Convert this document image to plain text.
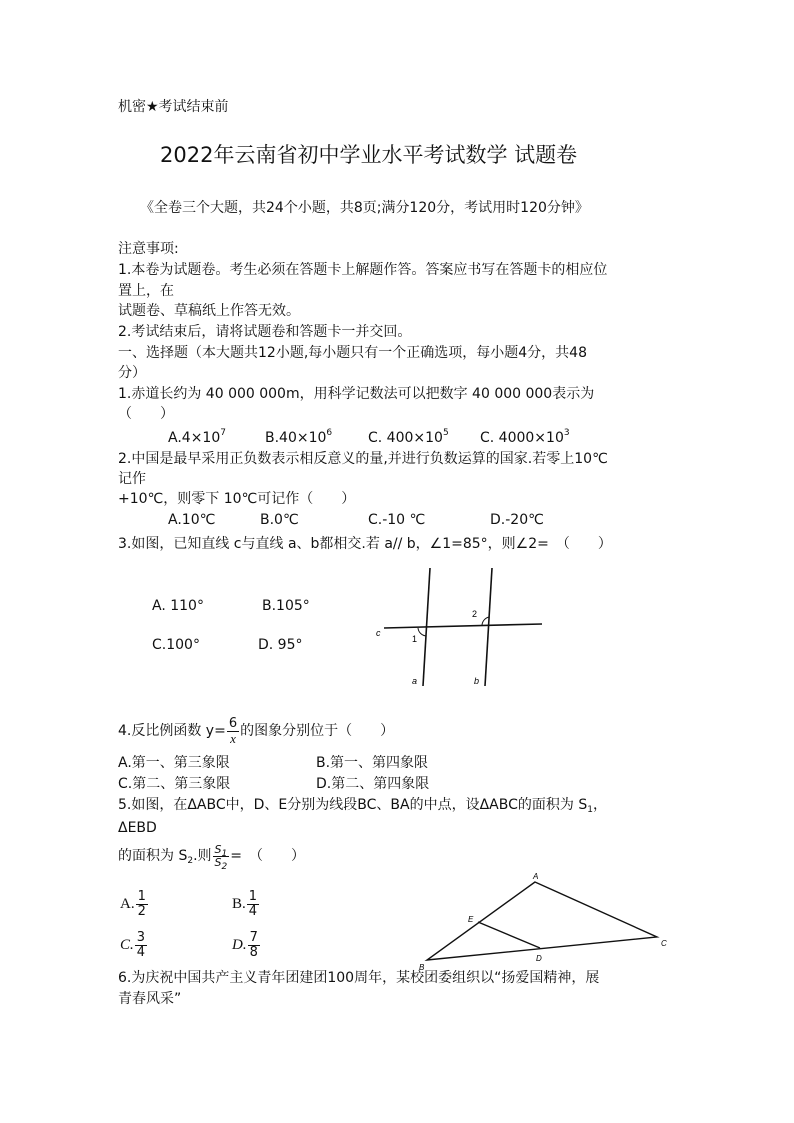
机密★考试结束前
2022年云南省初中学业水平考试数学 试题卷
《全卷三个大题，共24个小题，共8页;满分120分，考试用时120分钟》
注意事项:
1.本卷为试题卷。考生必须在答题卡上解题作答。答案应书写在答题卡的相应位
置上，在
试题卷、草稿纸上作答无效。
2.考试结束后，请将试题卷和答题卡一并交回。
一、选择题（本大题共12小题,每小题只有一个正确选项，每小题4分，共48
分）
1.赤道长约为 40 000 000m，用科学记数法可以把数字 40 000 000表示为
（　　）
$A.4\times 10^7$	$B.40\times 10^6$	C. $400\times 10^5$ C. $4000\times 10^3$
2.中国是最早采用正负数表示相反意义的量,并进行负数运算的国家.若零上10℃
记作
+10℃，则零下 10℃可记作（　　）
A.10℃	B.0℃	C.-10 ℃	D.-20℃
3.如图，已知直线 c与直线 a、b都相交.若 a// b，∠1=85°，则∠2=　（　　）
A. 110°	B.105°
C.100°	D. 95°
a	b
c
1
2
4.反比例函数 $y= \frac{6}{x}$ 的图象分别位于（　　）
A.第一、第三象限	B.第一、第四象限
C.第二、第三象限	D.第二、第四象限
5.如图，在ΔABC中，D、E分别为线段BC、BA的中点，设ΔABC的面积为 $S_1$，
ΔEBD
的面积为 $S_2$.则 $\frac{S_1}{S_2}$ =　（　　）
A. $\frac{1}{2}$	B. $\frac{1}{4}$
C. $\frac{3}{4}$	D. $\frac{7}{8}$
A
B
C
D
E
6.为庆祝中国共产主义青年团建团100周年，某校团委组织以“扬爱国精神，展
青春风采”
